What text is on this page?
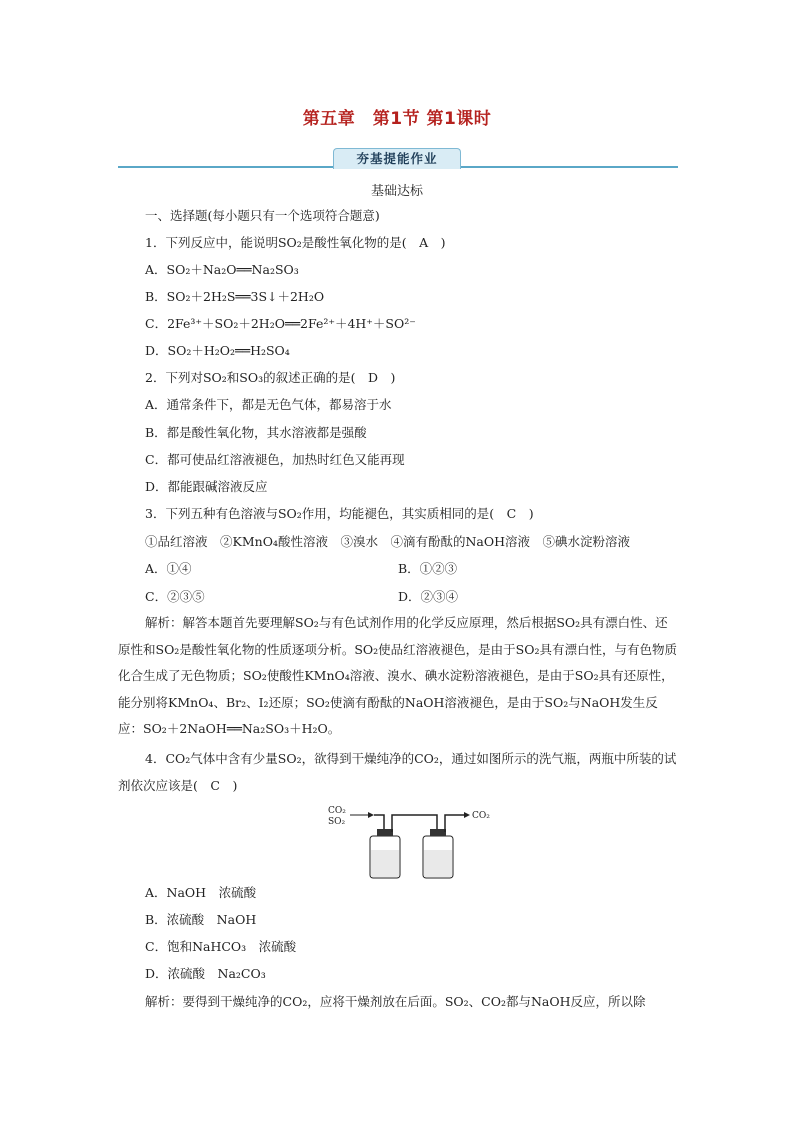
第五章　第1节 第1课时
夯基提能作业
基础达标
一、选择题(每小题只有一个选项符合题意)
1．下列反应中，能说明SO₂是酸性氧化物的是(　A　)
A．SO₂＋Na₂O══Na₂SO₃
B．SO₂＋2H₂S══3S↓＋2H₂O
C．2Fe³⁺＋SO₂＋2H₂O══2Fe²⁺＋4H⁺＋SO²⁻
D．SO₂＋H₂O₂══H₂SO₄
2．下列对SO₂和SO₃的叙述正确的是(　D　)
A．通常条件下，都是无色气体，都易溶于水
B．都是酸性氧化物，其水溶液都是强酸
C．都可使品红溶液褪色，加热时红色又能再现
D．都能跟碱溶液反应
3．下列五种有色溶液与SO₂作用，均能褪色，其实质相同的是(　C　)
①品红溶液　②KMnO₄酸性溶液　③溴水　④滴有酚酞的NaOH溶液　⑤碘水淀粉溶液
A．①④	B．①②③
C．②③⑤	D．②③④
解析：解答本题首先要理解SO₂与有色试剂作用的化学反应原理，然后根据SO₂具有漂白性、还原性和SO₂是酸性氧化物的性质逐项分析。SO₂使品红溶液褪色，是由于SO₂具有漂白性，与有色物质化合生成了无色物质；SO₂使酸性KMnO₄溶液、溴水、碘水淀粉溶液褪色，是由于SO₂具有还原性，能分别将KMnO₄、Br₂、I₂还原；SO₂使滴有酚酞的NaOH溶液褪色，是由于SO₂与NaOH发生反应：SO₂＋2NaOH══Na₂SO₃＋H₂O。
4．CO₂气体中含有少量SO₂，欲得到干燥纯净的CO₂，通过如图所示的洗气瓶，两瓶中所装的试剂依次应该是(　C　)
CO₂
SO₂
CO₂
A．NaOH　浓硫酸
B．浓硫酸　NaOH
C．饱和NaHCO₃　浓硫酸
D．浓硫酸　Na₂CO₃
解析：要得到干燥纯净的CO₂，应将干燥剂放在后面。SO₂、CO₂都与NaOH反应，所以除
